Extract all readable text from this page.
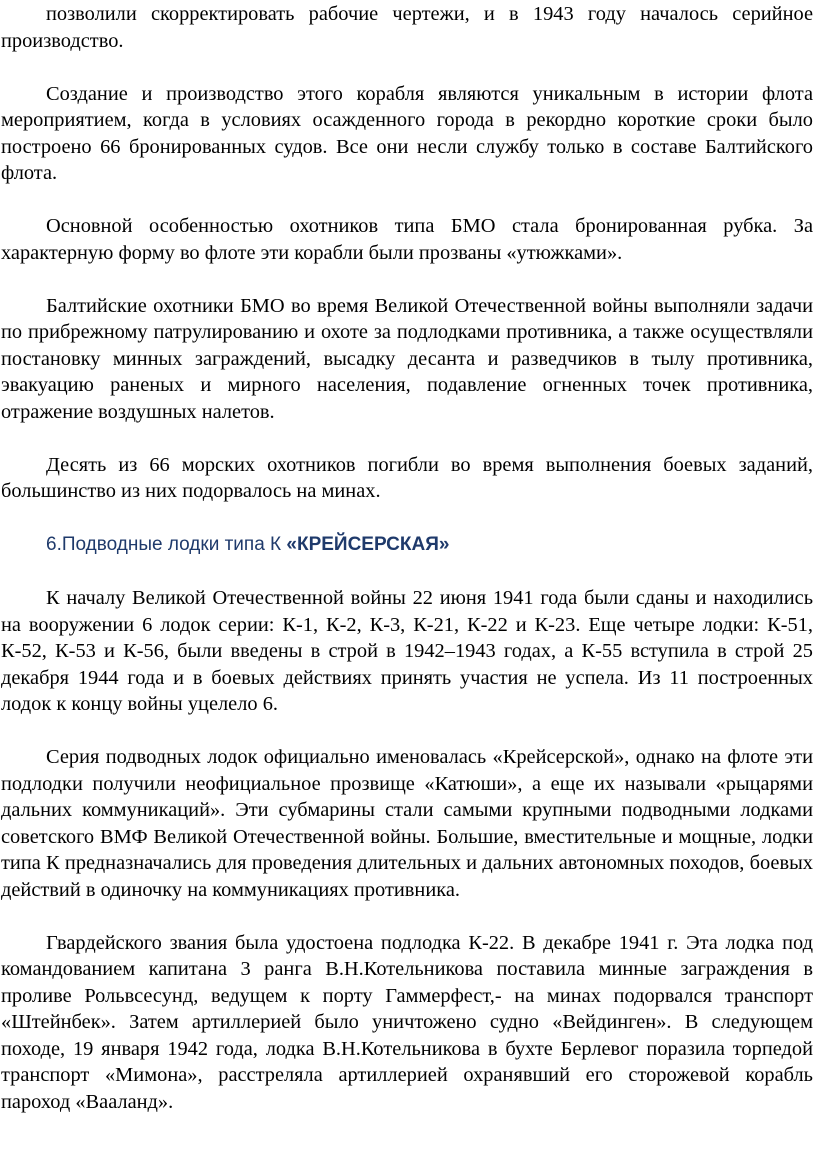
позволили скорректировать рабочие чертежи, и в 1943 году началось серийное производство.

Создание и производство этого корабля являются уникальным в истории флота мероприятием, когда в условиях осажденного города в рекордно короткие сроки было построено 66 бронированных судов. Все они несли службу только в составе Балтийского флота.

Основной особенностью охотников типа БМО стала бронированная рубка. За характерную форму во флоте эти корабли были прозваны «утюжками».

Балтийские охотники БМО во время Великой Отечественной войны выполняли задачи по прибрежному патрулированию и охоте за подлодками противника, а также осуществляли постановку минных заграждений, высадку десанта и разведчиков в тылу противника, эвакуацию раненых и мирного населения, подавление огненных точек противника, отражение воздушных налетов.

Десять из 66 морских охотников погибли во время выполнения боевых заданий, большинство из них подорвалось на минах.

6.Подводные лодки типа К «КРЕЙСЕРСКАЯ»

К началу Великой Отечественной войны 22 июня 1941 года были сданы и находились на вооружении 6 лодок серии: К-1, К-2, К-3, К-21, К-22 и К-23. Еще четыре лодки: К-51, К-52, К-53 и К-56, были введены в строй в 1942–1943 годах, а К-55 вступила в строй 25 декабря 1944 года и в боевых действиях принять участия не успела. Из 11 построенных лодок к концу войны уцелело 6.

Серия подводных лодок официально именовалась «Крейсерской», однако на флоте эти подлодки получили неофициальное прозвище «Катюши», а еще их называли «рыцарями дальних коммуникаций». Эти субмарины стали самыми крупными подводными лодками советского ВМФ Великой Отечественной войны. Большие, вместительные и мощные, лодки типа К предназначались для проведения длительных и дальних автономных походов, боевых действий в одиночку на коммуникациях противника.

Гвардейского звания была удостоена подлодка К-22. В декабре 1941 г. Эта лодка под командованием капитана 3 ранга В.Н.Котельникова поставила минные заграждения в проливе Рольвсесунд, ведущем к порту Гаммерфест,- на минах подорвался транспорт «Штейнбек». Затем артиллерией было уничтожено судно «Вейдинген». В следующем походе, 19 января 1942 года, лодка В.Н.Котельникова в бухте Берлевог поразила торпедой транспорт «Мимона», расстреляла артиллерией охранявший его сторожевой корабль пароход «Вааланд».
